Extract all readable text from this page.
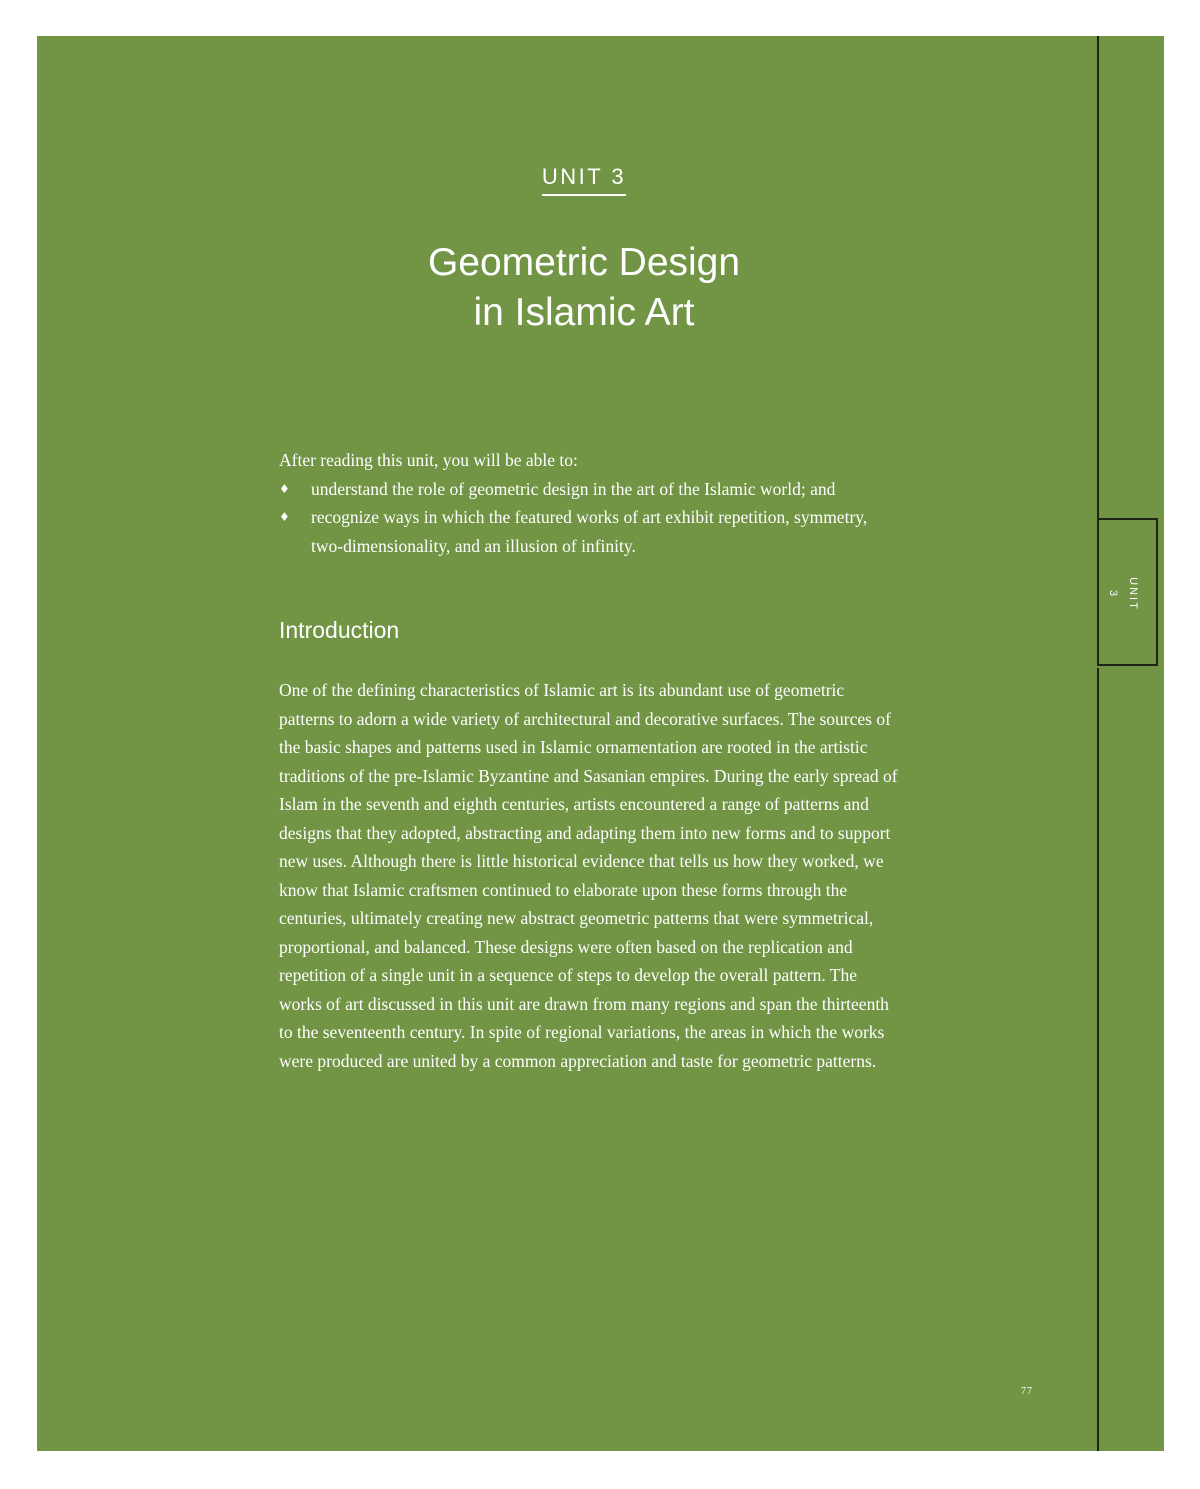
UNIT 3
UNIT 3
Geometric Design
in Islamic Art

After reading this unit, you will be able to:

♦ understand the role of geometric design in the art of the Islamic world; and
♦ recognize ways in which the featured works of art exhibit repetition, symmetry, two-dimensionality, and an illusion of infinity.
Introduction

One of the defining characteristics of Islamic art is its abundant use of geometric patterns to adorn a wide variety of architectural and decorative surfaces. The sources of the basic shapes and patterns used in Islamic ornamentation are rooted in the artistic traditions of the pre-Islamic Byzantine and Sasanian empires. During the early spread of Islam in the seventh and eighth centuries, artists encountered a range of patterns and designs that they adopted, abstracting and adapting them into new forms and to support new uses. Although there is little historical evidence that tells us how they worked, we know that Islamic craftsmen continued to elaborate upon these forms through the centuries, ultimately creating new abstract geometric patterns that were symmetrical, proportional, and balanced. These designs were often based on the replication and repetition of a single unit in a sequence of steps to develop the overall pattern. The works of art discussed in this unit are drawn from many regions and span the thirteenth to the seventeenth century. In spite of regional variations, the areas in which the works were produced are united by a common appreciation and taste for geometric patterns.

77
